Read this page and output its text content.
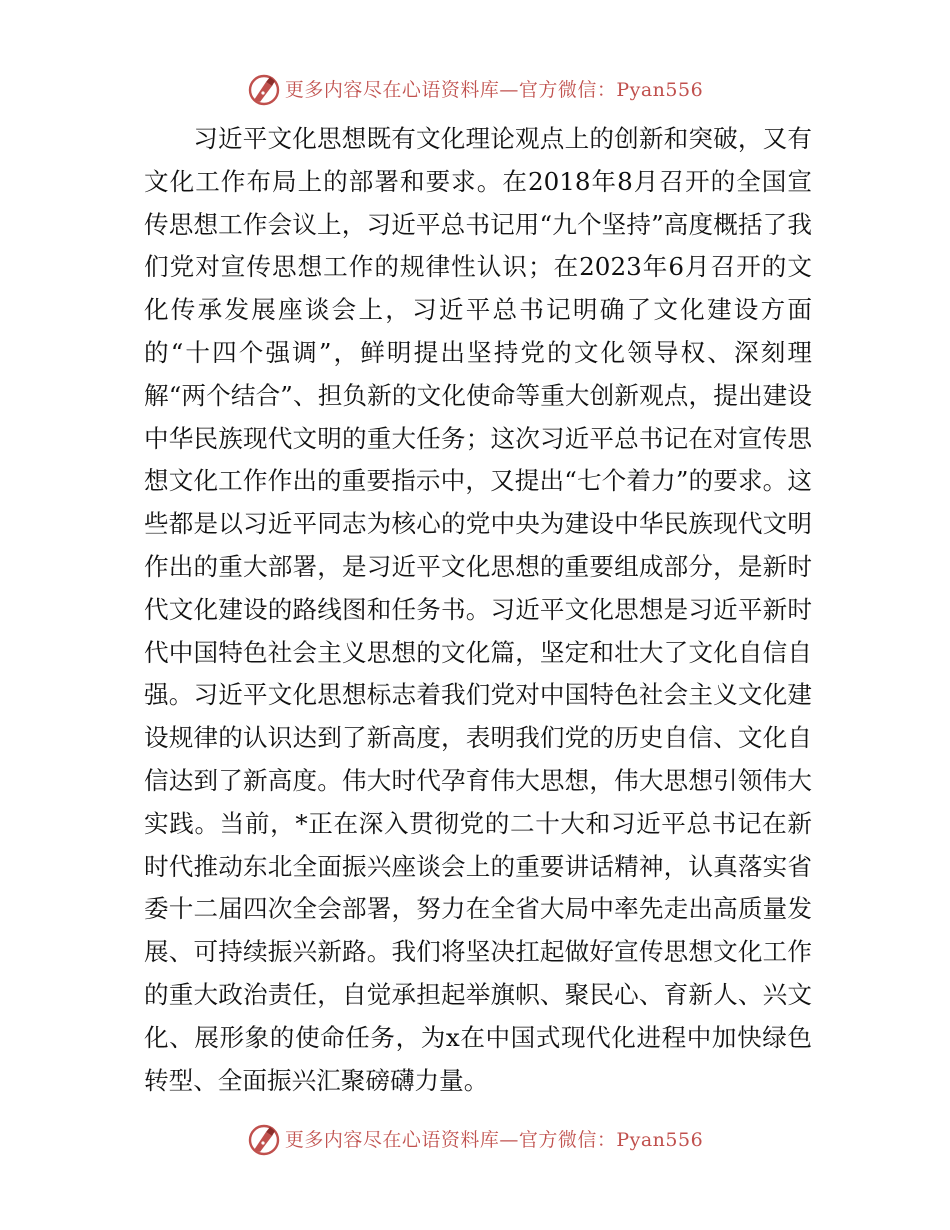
更多内容尽在心语资料库—官方微信：Pyan556

习近平文化思想既有文化理论观点上的创新和突破，又有文化工作布局上的部署和要求。在2018年8月召开的全国宣传思想工作会议上，习近平总书记用“九个坚持”高度概括了我们党对宣传思想工作的规律性认识；在2023年6月召开的文化传承发展座谈会上，习近平总书记明确了文化建设方面的“十四个强调”，鲜明提出坚持党的文化领导权、深刻理解“两个结合”、担负新的文化使命等重大创新观点，提出建设中华民族现代文明的重大任务；这次习近平总书记在对宣传思想文化工作作出的重要指示中，又提出“七个着力”的要求。这些都是以习近平同志为核心的党中央为建设中华民族现代文明作出的重大部署，是习近平文化思想的重要组成部分，是新时代文化建设的路线图和任务书。习近平文化思想是习近平新时代中国特色社会主义思想的文化篇，坚定和壮大了文化自信自强。习近平文化思想标志着我们党对中国特色社会主义文化建设规律的认识达到了新高度，表明我们党的历史自信、文化自信达到了新高度。伟大时代孕育伟大思想，伟大思想引领伟大实践。当前，*正在深入贯彻党的二十大和习近平总书记在新时代推动东北全面振兴座谈会上的重要讲话精神，认真落实省委十二届四次全会部署，努力在全省大局中率先走出高质量发展、可持续振兴新路。我们将坚决扛起做好宣传思想文化工作的重大政治责任，自觉承担起举旗帜、聚民心、育新人、兴文化、展形象的使命任务，为x在中国式现代化进程中加快绿色转型、全面振兴汇聚磅礴力量。

更多内容尽在心语资料库—官方微信：Pyan556
